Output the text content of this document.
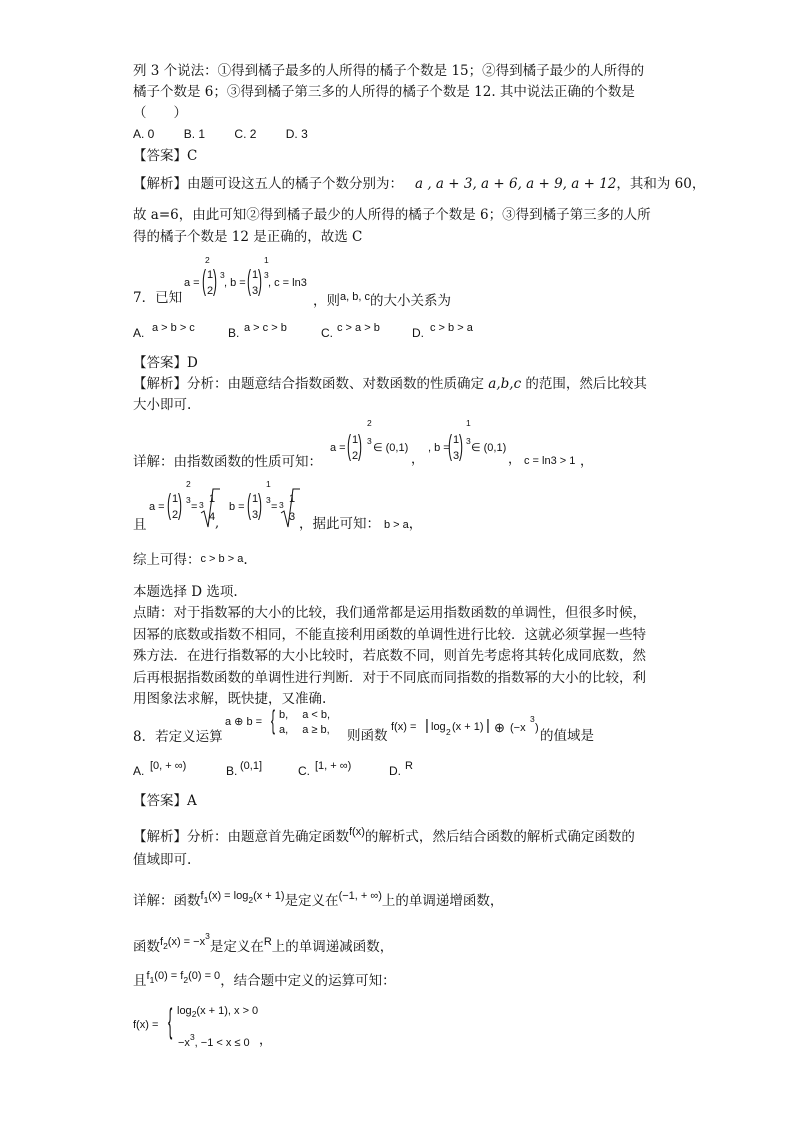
列 3 个说法：①得到橘子最多的人所得的橘子个数是 15；②得到橘子最少的人所得的
橘子个数是 6；③得到橘子第三多的人所得的橘子个数是 12. 其中说法正确的个数是
（　　）
A. 0 B. 1 C. 2 D. 3
【答案】C
【解析】由题可设这五人的橘子个数分别为： a , a + 3, a + 6, a + 9, a + 12，其和为 60，
故 a=6，由此可知②得到橘子最少的人所得的橘子个数是 6；③得到橘子第三多的人所
得的橘子个数是 12 是正确的，故选 C
7．已知
a = ( 1
2 )
2
3
, b = ( 1
3 )
1
3
, c = ln3
，则$^{a, b, c}$的大小关系为
A. a > b > c	B. a > c > b	C. c > a > b	D. c > b > a
【答案】D
【解析】分析：由题意结合指数函数、对数函数的性质确定 a,b,c 的范围，然后比较其
大小即可.
详解：由指数函数的性质可知：
a = ( 1
2 )
2
3
∈ (0,1)
，
, b =
( 1
3 )
1
3
∈ (0,1)
， c = ln3 > 1 ，
且
a = ( 1
2 )
2
3
= 3 1
4 ,
b = ( 1
3 )
1
3
= 3 1
3 ，据此可知： b > a，
综上可得：c > b > a.
本题选择 D 选项.
点睛：对于指数幂的大小的比较，我们通常都是运用指数函数的单调性，但很多时候，
因幂的底数或指数不相同，不能直接利用函数的单调性进行比较．这就必须掌握一些特
殊方法．在进行指数幂的大小比较时，若底数不同，则首先考虑将其转化成同底数，然
后再根据指数函数的单调性进行判断．对于不同底而同指数的指数幂的大小的比较，利
用图象法求解，既快捷，又准确.
8．若定义运算
a ⊕ b = { b,　 a < b,
a,　 a ≥ b, 则函数
f(x) = | log 2 (x + 1) | ⊕ (−x
3
) 的值域是
A. [0, + ∞)	B. (0,1]	C. [1, + ∞)	D. R
【答案】A
【解析】分析：由题意首先确定函数$^{f(x)}$的解析式，然后结合函数的解析式确定函数的
值域即可.
详解：函数$^{f_1(x) = log_2(x + 1)}$是定义在$^{(-1, + \infty)}$上的单调递增函数，
函数$^{f_2(x) = -x^3}$是定义在$^R$上的单调递减函数，
且$^{f_1(0) = f_2(0) = 0}$，结合题中定义的运算可知：
f(x) = { $\log_2(x + 1)$, x > 0
$-x^3$, −1 < x ≤ 0 ，
